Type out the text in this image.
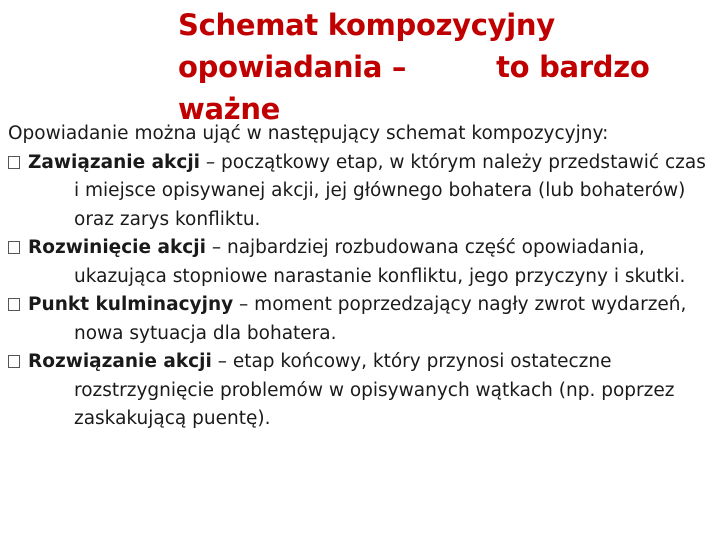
Schemat kompozycyjny
opowiadania –	to bardzo
ważne

Opowiadanie można ująć w następujący schemat kompozycyjny:

Zawiązanie akcji – początkowy etap, w którym należy przedstawić czas i miejsce opisywanej akcji, jej głównego bohatera (lub bohaterów) oraz zarys konfliktu.

Rozwinięcie akcji – najbardziej rozbudowana część opowiadania, ukazująca stopniowe narastanie konfliktu, jego przyczyny i skutki.

Punkt kulminacyjny – moment poprzedzający nagły zwrot wydarzeń, nowa sytuacja dla bohatera.

Rozwiązanie akcji – etap końcowy, który przynosi ostateczne rozstrzygnięcie problemów w opisywanych wątkach (np. poprzez zaskakującą puentę).
